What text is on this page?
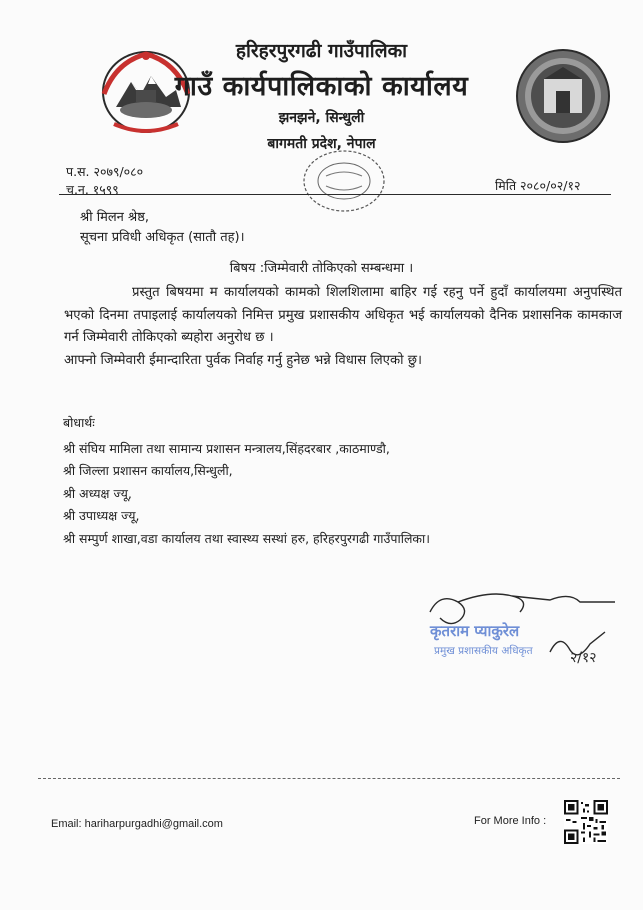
हरिहरपुरगढी गाउँपालिका
गाउँ कार्यपालिकाको कार्यालय
झनझने, सिन्धुली
बागमती प्रदेश, नेपाल
प.स. २०७९/०८०
च.न. १५९९	मिति २०८०/०२/१२
श्री मिलन श्रेष्ठ,
सूचना प्रविधी अधिकृत (सातौ तह)।
बिषय :जिम्मेवारी तोकिएको सम्बन्धमा ।

प्रस्तुत बिषयमा म कार्यालयको कामको शिलशिलामा बाहिर गई रहनु पर्ने हुदाँ कार्यालयमा अनुपस्थित भएको दिनमा तपाइलाई कार्यालयको निमित्त प्रमुख प्रशासकीय अधिकृत भई कार्यालयको दैनिक प्रशासनिक कामकाज गर्न जिम्मेवारी तोकिएको ब्यहोरा अनुरोध छ ।

आफ्नो जिम्मेवारी ईमान्दारिता पुर्वक निर्वाह गर्नु हुनेछ भन्ने विधास लिएको छु।

बोधार्थः
श्री संघिय मामिला तथा सामान्य प्रशासन मन्त्रालय,सिंहदरबार ,काठमाण्डौ,
श्री जिल्ला प्रशासन कार्यालय,सिन्धुली,
श्री अध्यक्ष ज्यू,
श्री उपाध्यक्ष ज्यू,
श्री सम्पुर्ण शाखा,वडा कार्यालय तथा स्वास्थ्य सस्थां हरु, हरिहरपुरगढी गाउँपालिका।
कृतराम प्याकुरेल
प्रमुख प्रशासकीय अधिकृत	२/१२
Email: hariharpurgadhi@gmail.com	For More Info :
